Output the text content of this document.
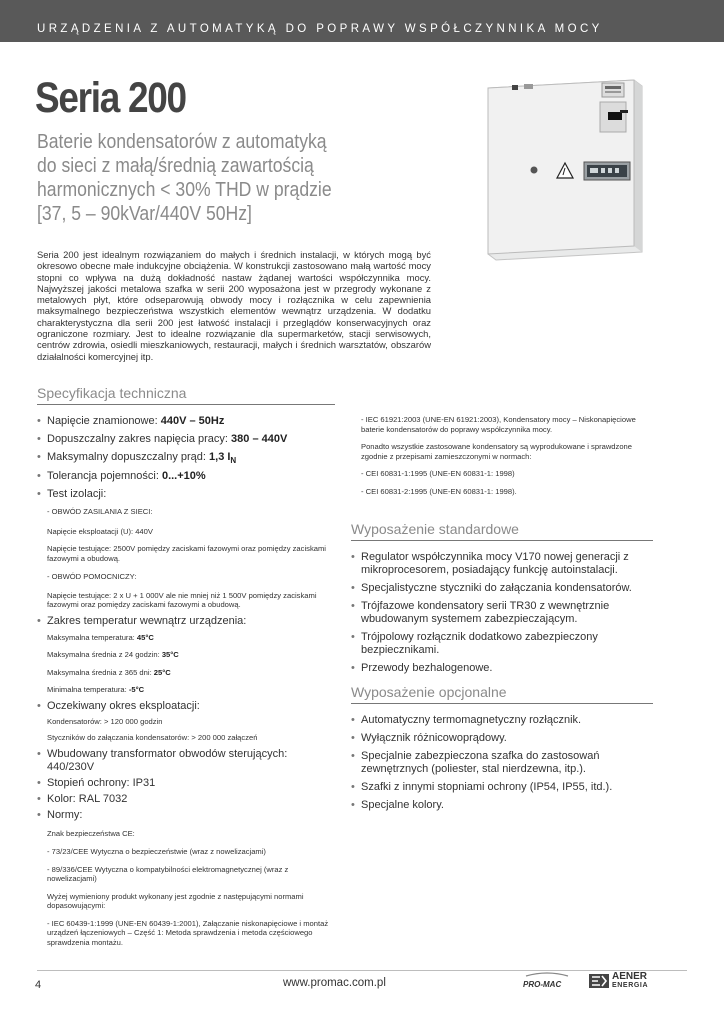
URZĄDZENIA Z AUTOMATYKĄ DO POPRAWY WSPÓŁCZYNNIKA MOCY
Seria 200
Baterie kondensatorów z automatyką
do sieci z małą/średnią zawartością
harmonicznych < 30% THD w prądzie
[37, 5 – 90kVar/440V 50Hz]
Seria 200 jest idealnym rozwiązaniem do małych i średnich instalacji, w których mogą być okresowo obecne małe indukcyjne obciążenia. W konstrukcji zastosowano małą wartość mocy stopni co wpływa na dużą dokładność nastaw żądanej wartości współczynnika mocy. Najwyższej jakości metalowa szafka w serii 200 wyposażona jest w przegrody wykonane z metalowych płyt, które odseparowują obwody mocy i rozłącznika w celu zapewnienia maksymalnego bezpieczeństwa wszystkich elementów wewnątrz urządzenia. W dodatku charakterystyczna dla serii 200 jest łatwość instalacji i przeglądów konserwacyjnych oraz ograniczone rozmiary. Jest to idealne rozwiązanie dla supermarketów, stacji serwisowych, centrów zdrowia, osiedli mieszkaniowych, restauracji, małych i średnich warsztatów, obszarów działalności komercyjnej itp.
Specyfikacja techniczna
• Napięcie znamionowe: 440V – 50Hz
• Dopuszczalny zakres napięcia pracy: 380 – 440V
• Maksymalny dopuszczalny prąd: 1,3 $I_N$
• Tolerancja pojemności: 0...+10%
• Test izolacji:
- OBWÓD ZASILANIA Z SIECI:
Napięcie eksploatacji (U): 440V
Napięcie testujące: 2500V pomiędzy zaciskami fazowymi oraz pomiędzy zaciskami fazowymi a obudową.
- OBWÓD POMOCNICZY:
Napięcie testujące: 2 x U + 1 000V ale nie mniej niż 1 500V pomiędzy zaciskami fazowymi oraz pomiędzy zaciskami fazowymi a obudową.
• Zakres temperatur wewnątrz urządzenia:
Maksymalna temperatura: 45°C
Maksymalna średnia z 24 godzin: 35°C
Maksymalna średnia z 365 dni: 25°C
Minimalna temperatura: -5°C
• Oczekiwany okres eksploatacji:
Kondensatorów: > 120 000 godzin
Styczników do załączania kondensatorów: > 200 000 załączeń
• Wbudowany transformator obwodów sterujących: 440/230V
• Stopień ochrony: IP31
• Kolor: RAL 7032
• Normy:
Znak bezpieczeństwa CE:
- 73/23/CEE Wytyczna o bezpieczeństwie (wraz z nowelizacjami)
- 89/336/CEE Wytyczna o kompatybilności elektromagnetycznej (wraz z nowelizacjami)
Wyżej wymieniony produkt wykonany jest zgodnie z następującymi normami dopasowującymi:
- IEC 60439-1:1999 (UNE-EN 60439-1:2001), Załączanie niskonapięciowe i montaż urządzeń łączeniowych – Część 1: Metoda sprawdzenia i metoda częściowego sprawdzenia montażu.
- IEC 61921:2003 (UNE-EN 61921:2003), Kondensatory mocy – Niskonapięciowe baterie kondensatorów do poprawy współczynnika mocy.
Ponadto wszystkie zastosowane kondensatory są wyprodukowane i sprawdzone zgodnie z przepisami zamieszczonymi w normach:
- CEI 60831-1:1995 (UNE-EN 60831-1: 1998)
- CEI 60831-2:1995 (UNE-EN 60831-1: 1998).
Wyposażenie standardowe
• Regulator współczynnika mocy V170 nowej generacji z mikroprocesorem, posiadający funkcję autoinstalacji.
• Specjalistyczne styczniki do załączania kondensatorów.
• Trójfazowe kondensatory serii TR30 z wewnętrznie wbudowanym systemem zabezpieczającym.
• Trójpolowy rozłącznik dodatkowo zabezpieczony bezpiecznikami.
• Przewody bezhalogenowe.
Wyposażenie opcjonalne
• Automatyczny termomagnetyczny rozłącznik.
• Wyłącznik różnicowoprądowy.
• Specjalnie zabezpieczona szafka do zastosowań zewnętrznych (poliester, stal nierdzewna, itp.).
• Szafki z innymi stopniami ochrony (IP54, IP55, itd.).
• Specjalne kolory.
4	www.promac.com.pl	PRO-MAC
AENER
ENERGIA
